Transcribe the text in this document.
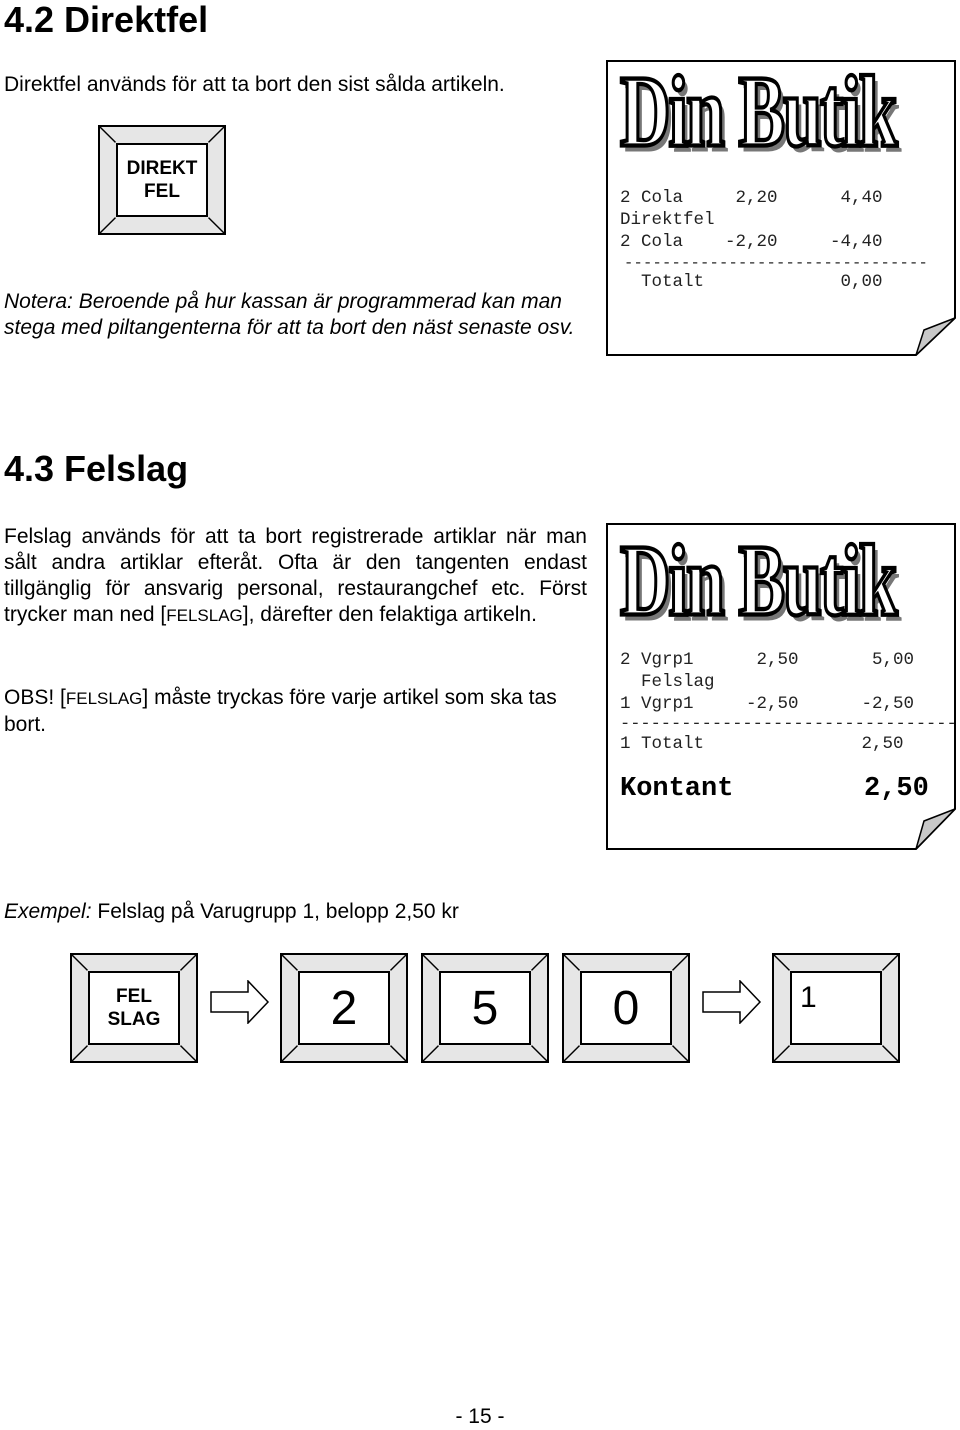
4.2 Direktfel
Direktfel används för att ta bort den sist sålda artikeln.
DIREKT
FEL
Notera: Beroende på hur kassan är programmerad kan man stega med piltangenterna för att ta bort den näst senaste osv.
Din Butik
2 Cola     2,20      4,40
Direktfel
2 Cola    -2,20     -4,40
--------------------------------
Totalt             0,00
4.3 Felslag
Felslag används för att ta bort registrerade artiklar när man sålt andra artiklar efteråt. Ofta är den tangenten endast tillgänglig för ansvarig personal, restaurangchef etc. Först trycker man ned [FELSLAG], därefter den felaktiga artikeln.
OBS! [FELSLAG] måste tryckas före varje artikel som ska tas bort.
Din Butik
2 Vgrp1      2,50       5,00
Felslag
1 Vgrp1     -2,50      -2,50
---------------------------------
1 Totalt               2,50
Kontant	2,50
Exempel: Felslag på Varugrupp 1, belopp 2,50 kr
FEL
SLAG	2 5 0	1
- 15 -
